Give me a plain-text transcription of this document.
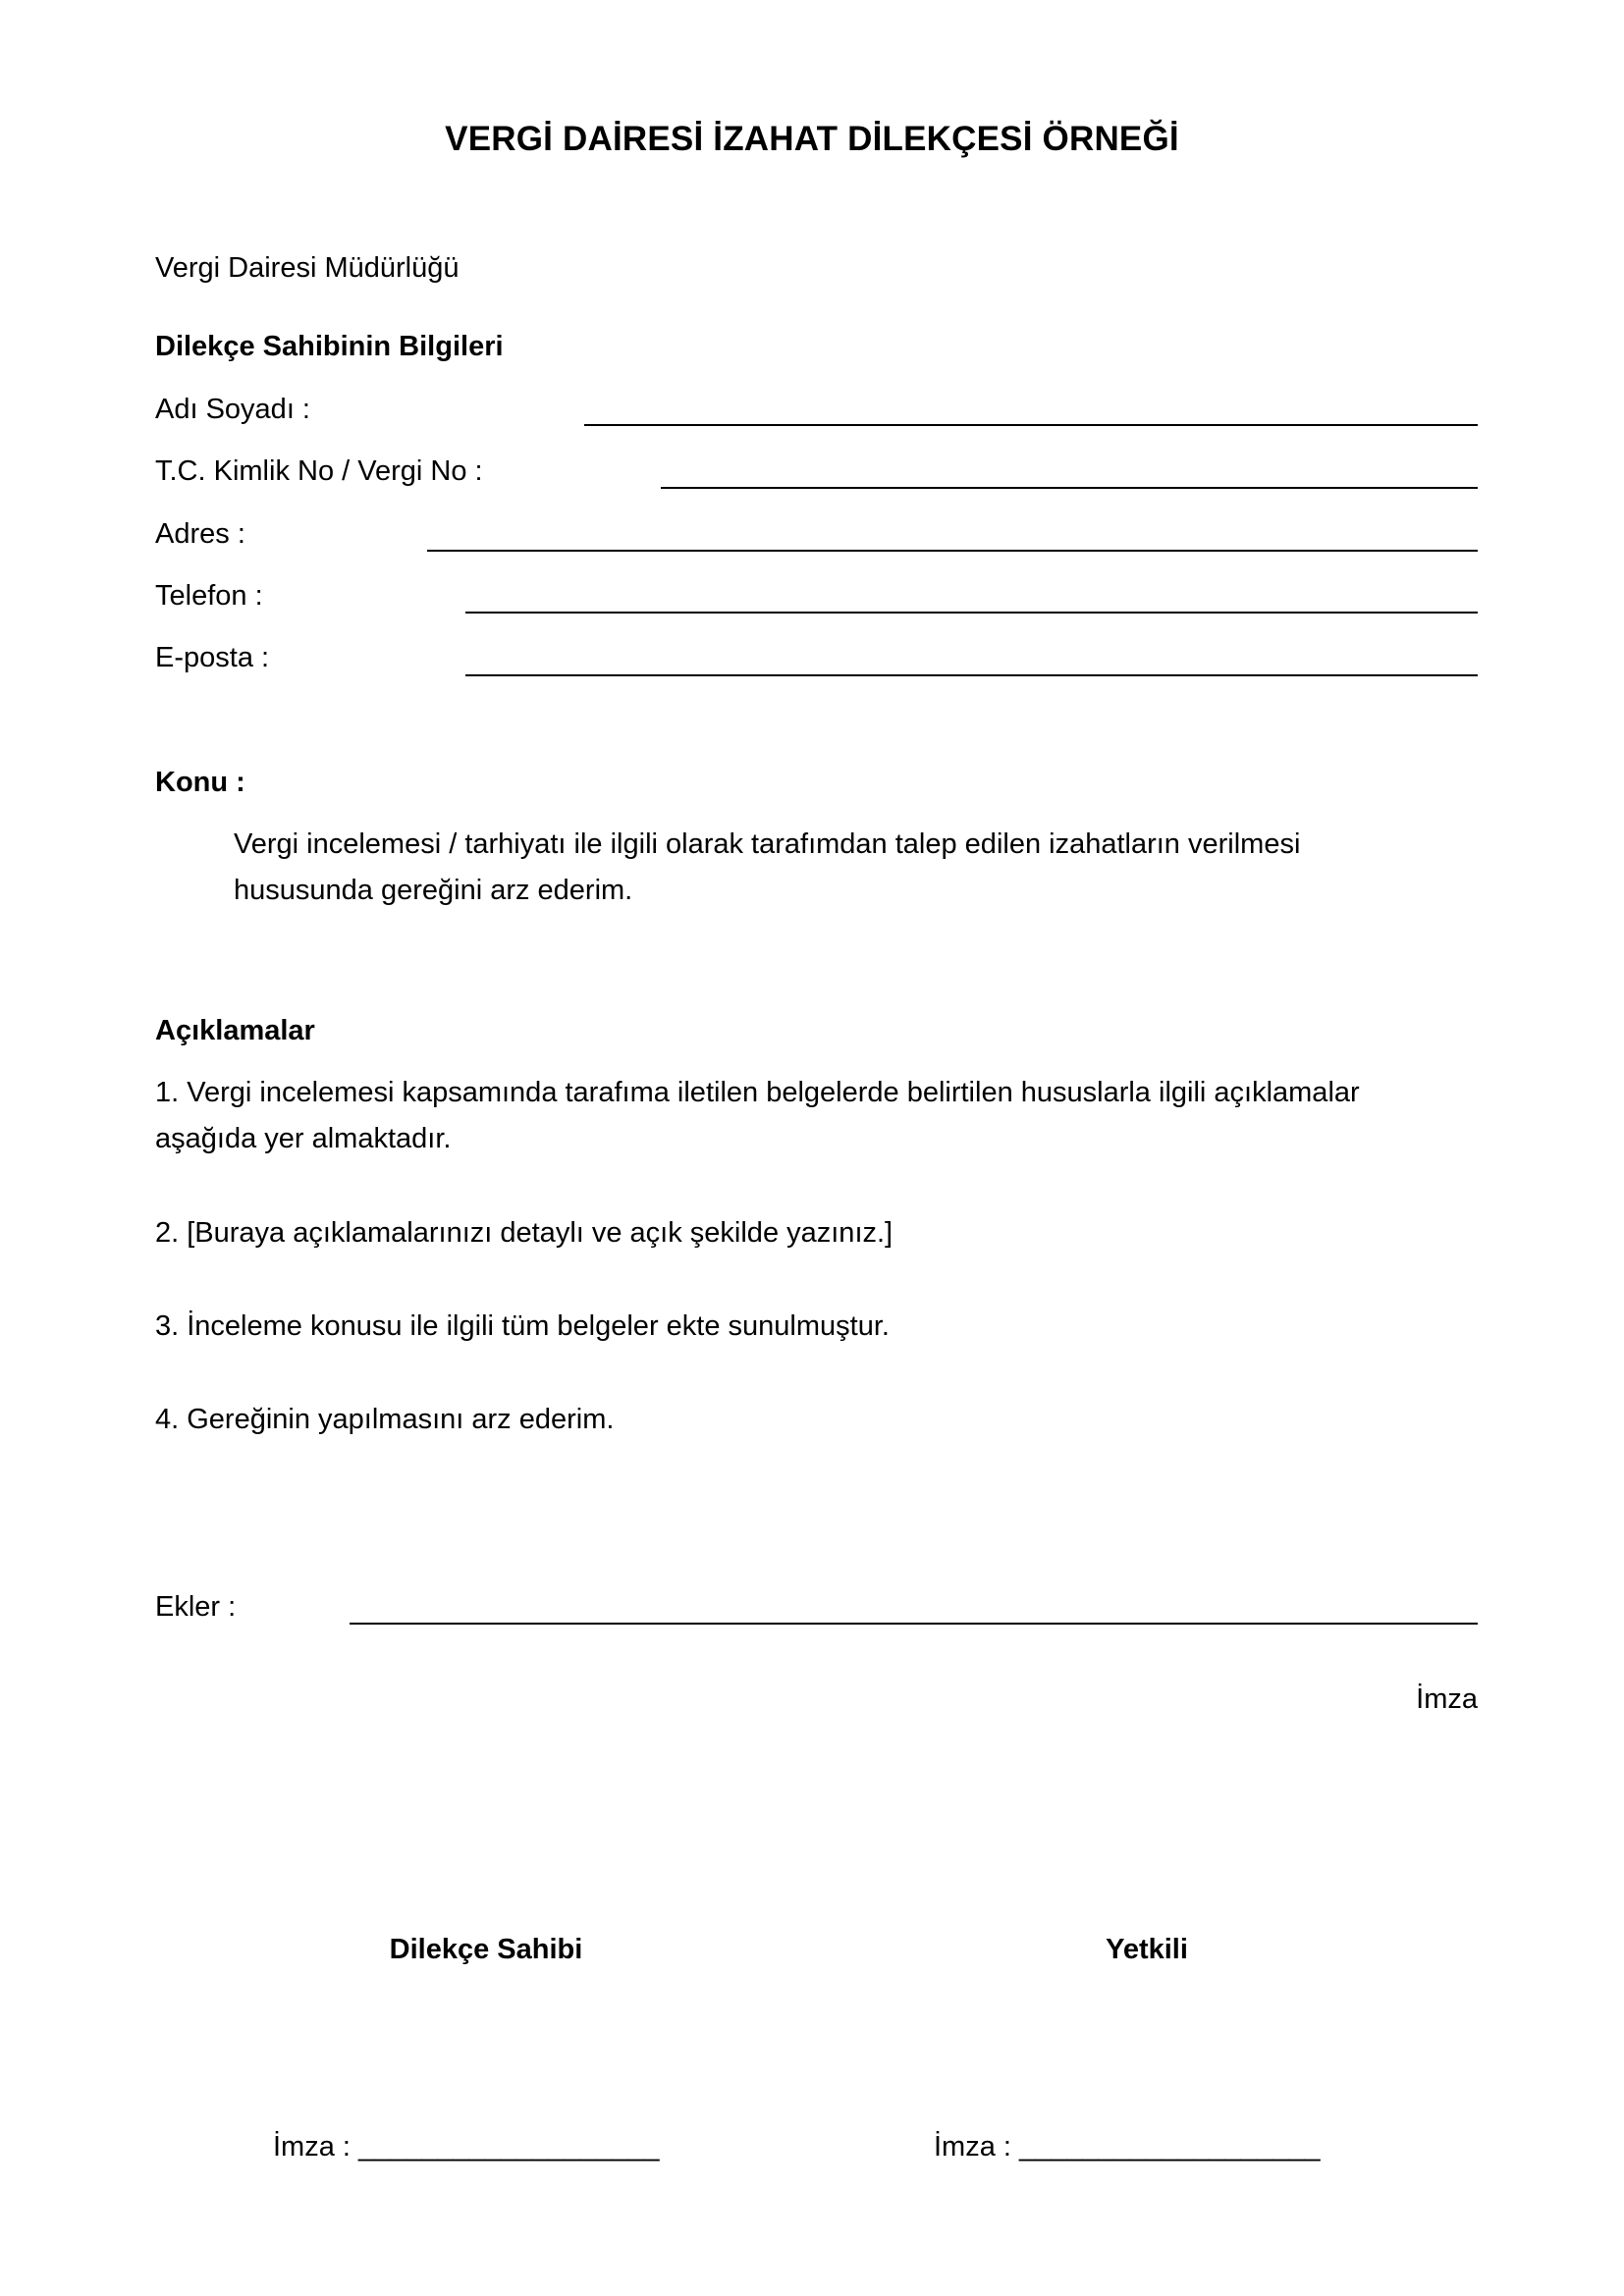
VERGİ DAİRESİ İZAHAT DİLEKÇESİ ÖRNEĞİ
Vergi Dairesi Müdürlüğü
Dilekçe Sahibinin Bilgileri
Adı Soyadı :
T.C. Kimlik No / Vergi No :
Adres :
Telefon :
E-posta :
Konu :
Vergi incelemesi / tarhiyatı ile ilgili olarak tarafımdan talep edilen izahatların verilmesi
hususunda gereğini arz ederim.
Açıklamalar
1. Vergi incelemesi kapsamında tarafıma iletilen belgelerde belirtilen hususlarla ilgili açıklamalar
aşağıda yer almaktadır.
2. [Buraya açıklamalarınızı detaylı ve açık şekilde yazınız.]
3. İnceleme konusu ile ilgili tüm belgeler ekte sunulmuştur.
4. Gereğinin yapılmasını arz ederim.
Ekler :
İmza
Dilekçe Sahibi	Yetkili
İmza : ___________________	İmza : ___________________
